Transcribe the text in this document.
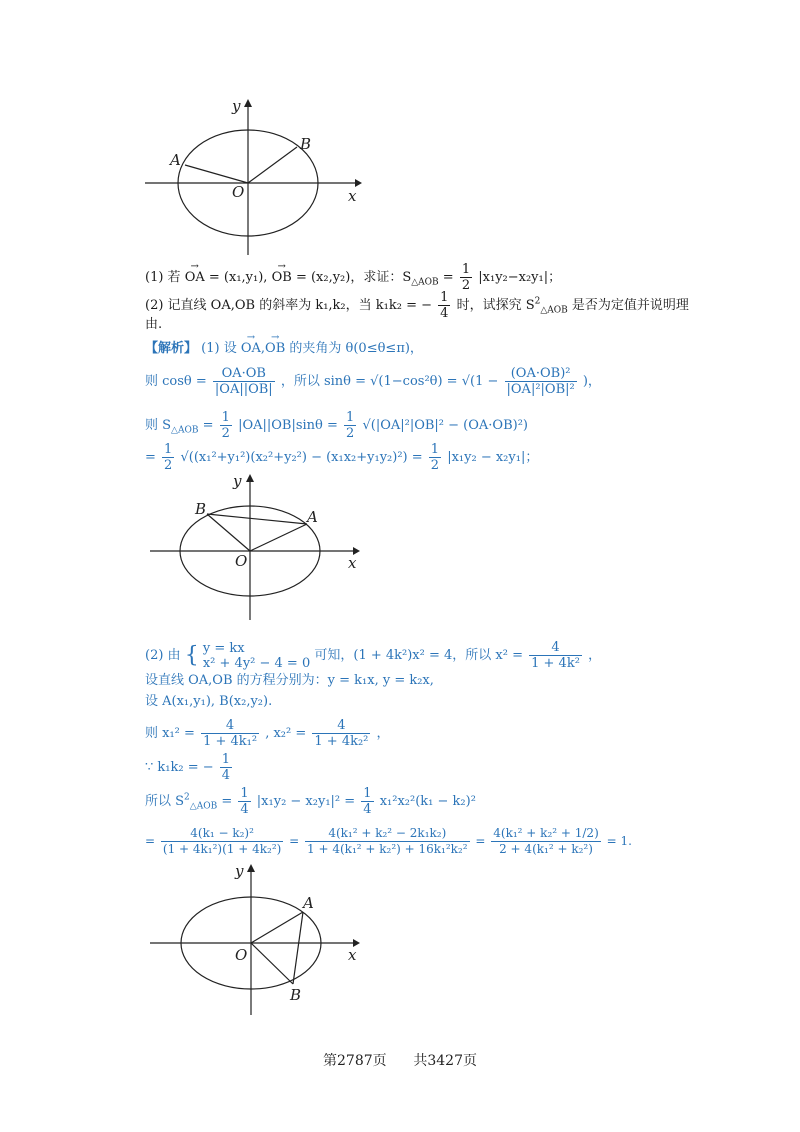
y
x
O
A
B
(1) 若 → OA = (x₁,y₁), → OB = (x₂,y₂)，求证：$S_{\triangle AOB} = \frac{1}{2} |x_1y_2-x_2y_1|$；
(2) 记直线 OA,OB 的斜率为 k₁,k₂，当 k₁k₂ = − $\frac{1}{4}$ 时，试探究 $S^2_{\triangle AOB}$ 是否为定值并说明理
由.
【解析】 (1) 设 → OA,→ OB 的夹角为 θ(0≤θ≤π)，
则 $\cos\theta = \frac{OA\cdot OB}{|OA||OB|}$ ，所以 $\sin\theta = √(1-\cos^2\theta) = √(1 - \frac{\text{(OA·OB)²}}{\text{|OA|²|OB|²}}$ )，
则 $S_{\triangle AOB} = \frac{1}{2} |OA||OB|\sin\theta = \frac{1}{2} √(|OA|^2|OB|^2 - (OA\cdot OB)^2)$
= $\frac{1}{2} √((x_1^2+y_1^2)(x_2^2+y_2^2) - (x_1x_2+y_1y_2)^2) = \frac{1}{2} |x_1y_2 - x_2y_1|$；
y
x
O
A
B
(2) 由 { y = kx
x² + 4y² − 4 = 0 可知，(1 + 4k²)x² = 4，所以 $x^2 = \frac{4}{\text{1 + 4k²}}$ ，
设直线 OA,OB 的方程分别为：y = k₁x, y = k₂x,
设 A(x₁,y₁), B(x₂,y₂).
则 $x_1^2 = \frac{4}{\text{1 + 4k₁²}}$ , $x_2^2 = \frac{4}{\text{1 + 4k₂²}}$ ，
∵ k₁k₂ = − $\frac{1}{4}$
所以 $S^2_{\triangle AOB} = \frac{1}{4} |x_1y_2 - x_2y_1|^2 = \frac{1}{4} x_1^2x_2^2(k_1 - k_2)^2$
= $\frac{\text{4(k₁ − k₂)²}}{\text{(1 + 4k₁²)(1 + 4k₂²)}} = \frac{\text{4(k₁² + k₂² − 2k₁k₂)}}{\text{1 + 4(k₁² + k₂²) + 16k₁²k₂²}} = \frac{\text{4(k₁² + k₂² + 1/2)}}{\text{2 + 4(k₁² + k₂²)}} = 1$.
y
x
O
A
B
第2787页 共3427页
